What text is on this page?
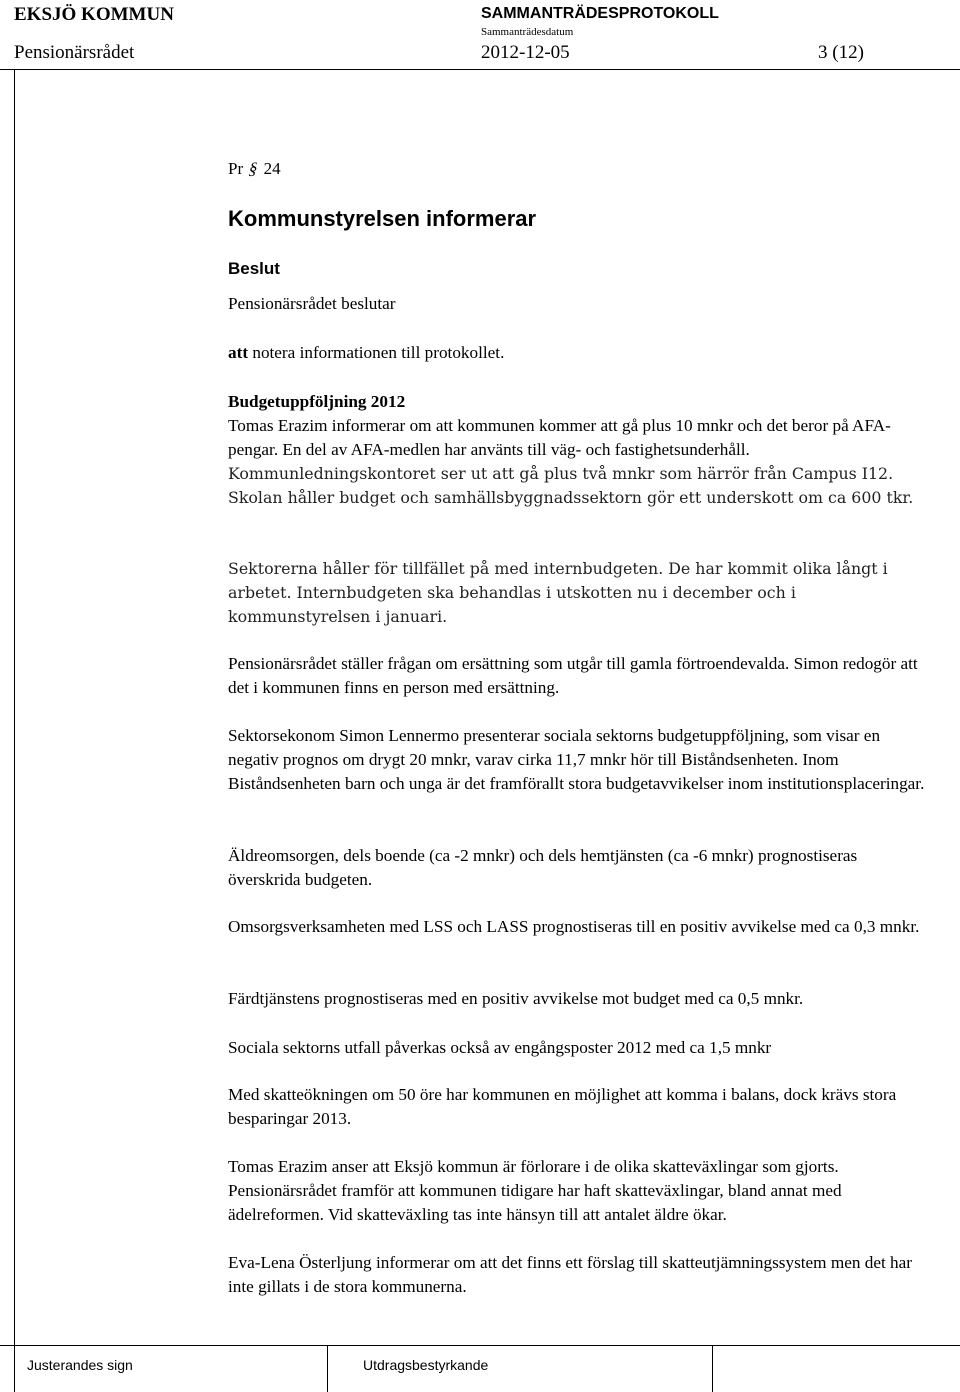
EKSJÖ KOMMUN	SAMMANTRÄDESPROTOKOLL
Sammanträdesdatum
Pensionärsrådet	2012-12-05	3 (12)
Pr § 24
Kommunstyrelsen informerar
Beslut
Pensionärsrådet beslutar
att notera informationen till protokollet.
Budgetuppföljning 2012
Tomas Erazim informerar om att kommunen kommer att gå plus 10 mnkr och det beror på AFA-pengar. En del av AFA-medlen har använts till väg- och fastighetsunderhåll. Kommunledningskontoret ser ut att gå plus två mnkr som härrör från Campus I12. Skolan håller budget och samhällsbyggnadssektorn gör ett underskott om ca 600 tkr.
Sektorerna håller för tillfället på med internbudgeten. De har kommit olika långt i arbetet. Internbudgeten ska behandlas i utskotten nu i december och i kommunstyrelsen i januari.
Pensionärsrådet ställer frågan om ersättning som utgår till gamla förtroendevalda. Simon redogör att det i kommunen finns en person med ersättning.
Sektorsekonom Simon Lennermo presenterar sociala sektorns budgetuppföljning, som visar en negativ prognos om drygt 20 mnkr, varav cirka 11,7 mnkr hör till Biståndsenheten. Inom Biståndsenheten barn och unga är det framförallt stora budgetavvikelser inom institutionsplaceringar.
Äldreomsorgen, dels boende (ca -2 mnkr) och dels hemtjänsten (ca -6 mnkr) prognostiseras överskrida budgeten.
Omsorgsverksamheten med LSS och LASS prognostiseras till en positiv avvikelse med ca 0,3 mnkr.
Färdtjänstens prognostiseras med en positiv avvikelse mot budget med ca 0,5 mnkr.
Sociala sektorns utfall påverkas också av engångsposter 2012 med ca 1,5 mnkr
Med skatteökningen om 50 öre har kommunen en möjlighet att komma i balans, dock krävs stora besparingar 2013.
Tomas Erazim anser att Eksjö kommun är förlorare i de olika skatteväxlingar som gjorts. Pensionärsrådet framför att kommunen tidigare har haft skatteväxlingar, bland annat med ädelreformen. Vid skatteväxling tas inte hänsyn till att antalet äldre ökar.
Eva-Lena Österljung informerar om att det finns ett förslag till skatteutjämningssystem men det har inte gillats i de stora kommunerna.
Justerandes sign	Utdragsbestyrkande
